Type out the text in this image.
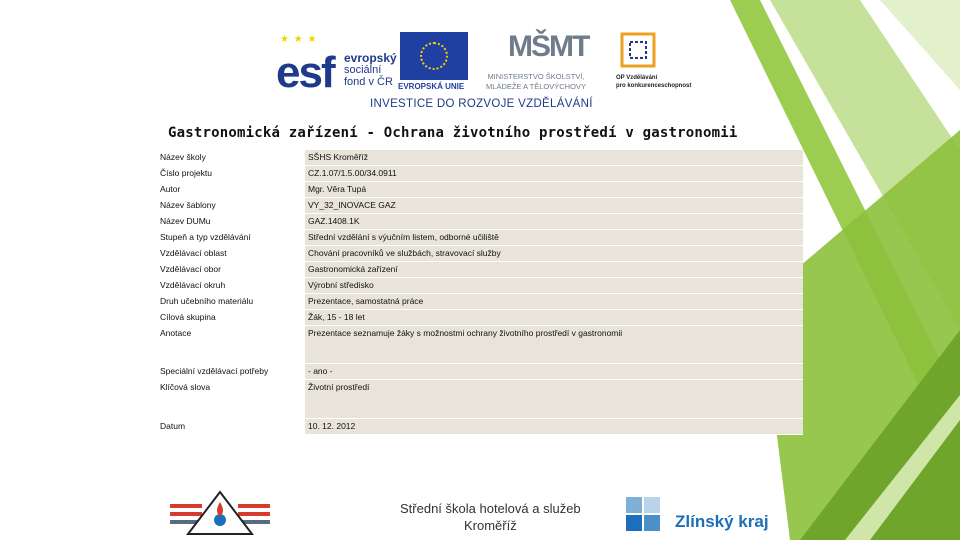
esf
★ ★ ★
evropský
sociální
fond v ČR EVROPSKÁ UNIE
MŠMT
MINISTERSTVO ŠKOLSTVÍ,
MLÁDEŽE A TĚLOVÝCHOVY
OP Vzdělávání
pro konkurenceschopnost
INVESTICE DO ROZVOJE VZDĚLÁVÁNÍ
Gastronomická zařízení - Ochrana životního prostředí v gastronomii
Název školy	SŠHS Kroměříž
Číslo projektu	CZ.1.07/1.5.00/34.0911
Autor	Mgr. Věra Tupá
Název šablony	VY_32_INOVACE GAZ
Název DUMu	GAZ.1408.1K
Stupeň a typ vzdělávání	Střední vzdělání s výučním listem, odborné učiliště
Vzdělávací oblast	Chování pracovníků ve službách, stravovací služby
Vzdělávací obor	Gastronomická zařízení
Vzdělávací okruh	Výrobní středisko
Druh učebního materiálu	Prezentace, samostatná práce
Cílová skupina	Žák, 15 - 18 let
Anotace	Prezentace seznamuje žáky s možnostmi ochrany životního prostředí v gastronomii
Speciální vzdělávací potřeby	- ano -
Klíčová slova	Životní prostředí
Datum	10. 12. 2012
Střední škola hotelová a služeb
Kroměříž	Zlínský kraj
